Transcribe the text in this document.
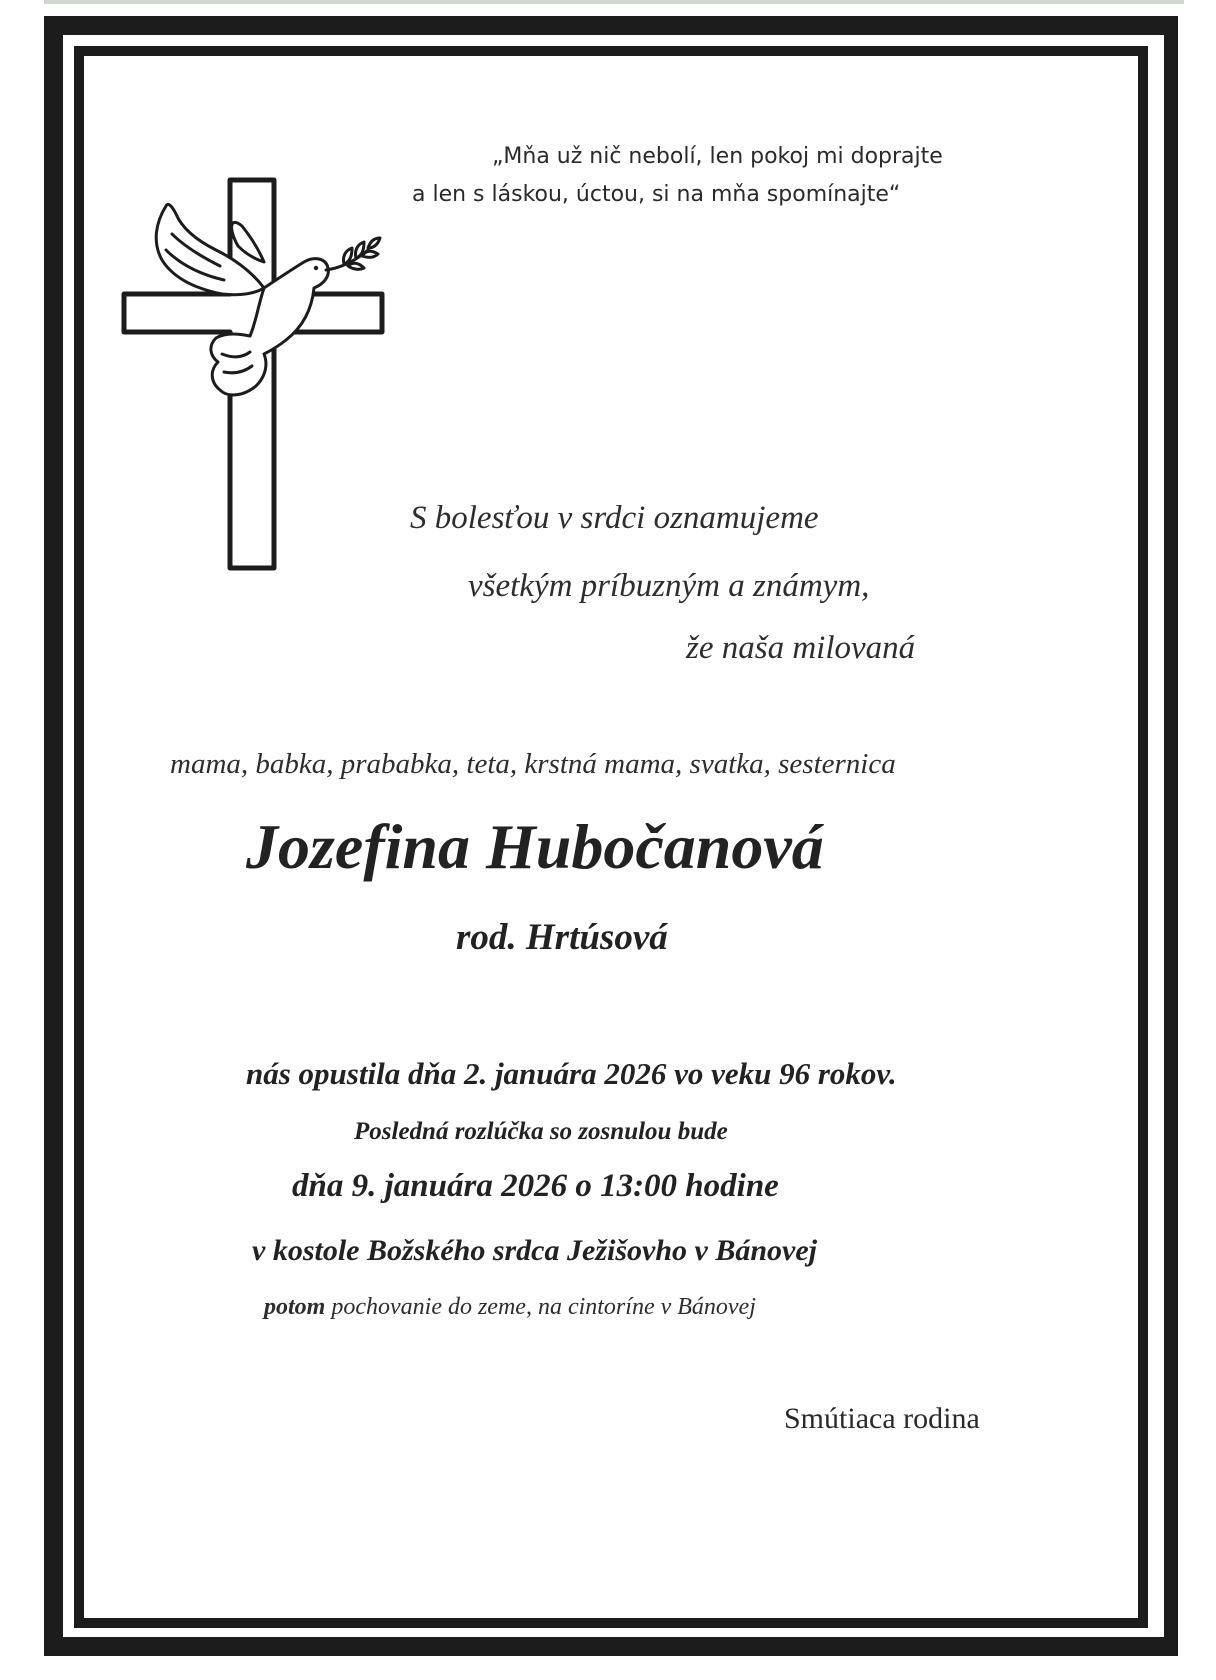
„Mňa už nič nebolí, len pokoj mi doprajte

a len s láskou, úctou, si na mňa spomínajte“

S bolesťou v srdci oznamujeme

všetkým príbuzným a známym,

že naša milovaná

mama, babka, prababka, teta, krstná mama, svatka, sesternica

Jozefina Hubočanová

rod. Hrtúsová

nás opustila dňa 2. januára 2026 vo veku 96 rokov.

Posledná rozlúčka so zosnulou bude

dňa 9. januára 2026 o 13:00 hodine

v kostole Božského srdca Ježišovho v Bánovej

potom pochovanie do zeme, na cintoríne v Bánovej

Smútiaca rodina
